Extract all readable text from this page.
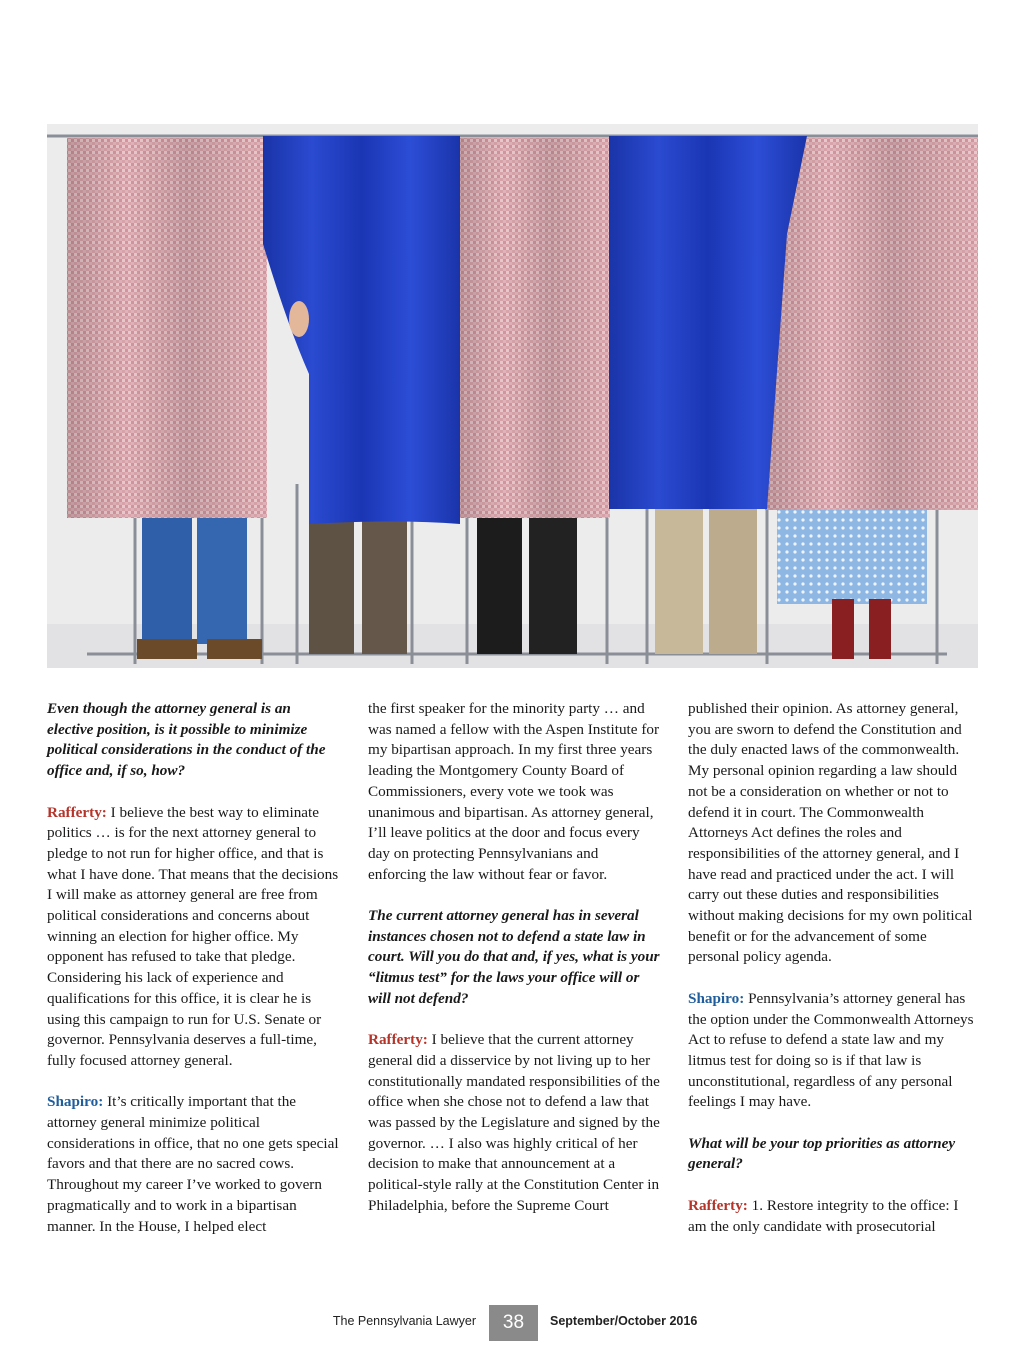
Even though the attorney general is an elective position, is it possible to minimize political considerations in the conduct of the office and, if so, how?

Rafferty: I believe the best way to eliminate politics … is for the next attorney general to pledge to not run for higher office, and that is what I have done. That means that the decisions I will make as attorney general are free from political considerations and concerns about winning an election for higher office. My opponent has refused to take that pledge. Considering his lack of experience and qualifications for this office, it is clear he is using this campaign to run for U.S. Senate or governor. Pennsylvania deserves a full-time, fully focused attorney general.

Shapiro: It’s critically important that the attorney general minimize political considerations in office, that no one gets special favors and that there are no sacred cows. Throughout my career I’ve worked to govern pragmatically and to work in a bipartisan manner. In the House, I helped elect

the first speaker for the minority party … and was named a fellow with the Aspen Institute for my bipartisan approach. In my first three years leading the Montgomery County Board of Commissioners, every vote we took was unanimous and bipartisan. As attorney general, I’ll leave politics at the door and focus every day on protecting Pennsylvanians and enforcing the law without fear or favor.

The current attorney general has in several instances chosen not to defend a state law in court. Will you do that and, if yes, what is your “litmus test” for the laws your office will or will not defend?

Rafferty: I believe that the current attorney general did a disservice by not living up to her constitutionally mandated responsibilities of the office when she chose not to defend a law that was passed by the Legislature and signed by the governor. … I also was highly critical of her decision to make that announcement at a political-style rally at the Constitution Center in Philadelphia, before the Supreme Court

published their opinion. As attorney general, you are sworn to defend the Constitution and the duly enacted laws of the commonwealth. My personal opinion regarding a law should not be a consideration on whether or not to defend it in court. The Commonwealth Attorneys Act defines the roles and responsibilities of the attorney general, and I have read and practiced under the act. I will carry out these duties and responsibilities without making decisions for my own political benefit or for the advancement of some personal policy agenda.

Shapiro: Pennsylvania’s attorney general has the option under the Commonwealth Attorneys Act to refuse to defend a state law and my litmus test for doing so is if that law is unconstitutional, regardless of any personal feelings I may have.

What will be your top priorities as attorney general?

Rafferty: 1. Restore integrity to the office: I am the only candidate with prosecutorial

The Pennsylvania Lawyer	38	September/October 2016
